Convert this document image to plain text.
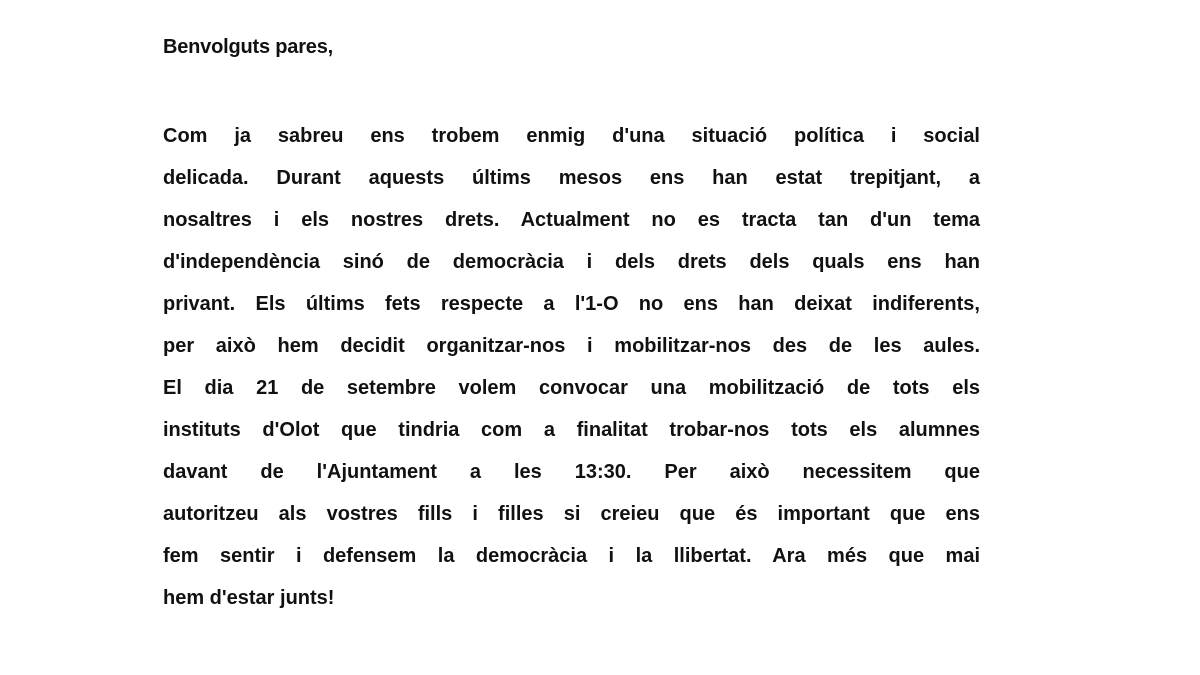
Benvolguts pares,

Com ja sabreu ens trobem enmig d'una situació política i social
delicada. Durant aquests últims mesos ens han estat trepitjant, a
nosaltres i els nostres drets. Actualment no es tracta tan d'un tema
d'independència sinó de democràcia i dels drets dels quals ens han
privant. Els últims fets respecte a l'1-O no ens han deixat indiferents,
per això hem decidit organitzar-nos i mobilitzar-nos des de les aules.
El dia 21 de setembre volem convocar una mobilització de tots els
instituts d'Olot que tindria com a finalitat trobar-nos tots els alumnes
davant de l'Ajuntament a les 13:30. Per això necessitem que
autoritzeu als vostres fills i filles si creieu que és important que ens
fem sentir i defensem la democràcia i la llibertat. Ara més que mai
hem d'estar junts!
